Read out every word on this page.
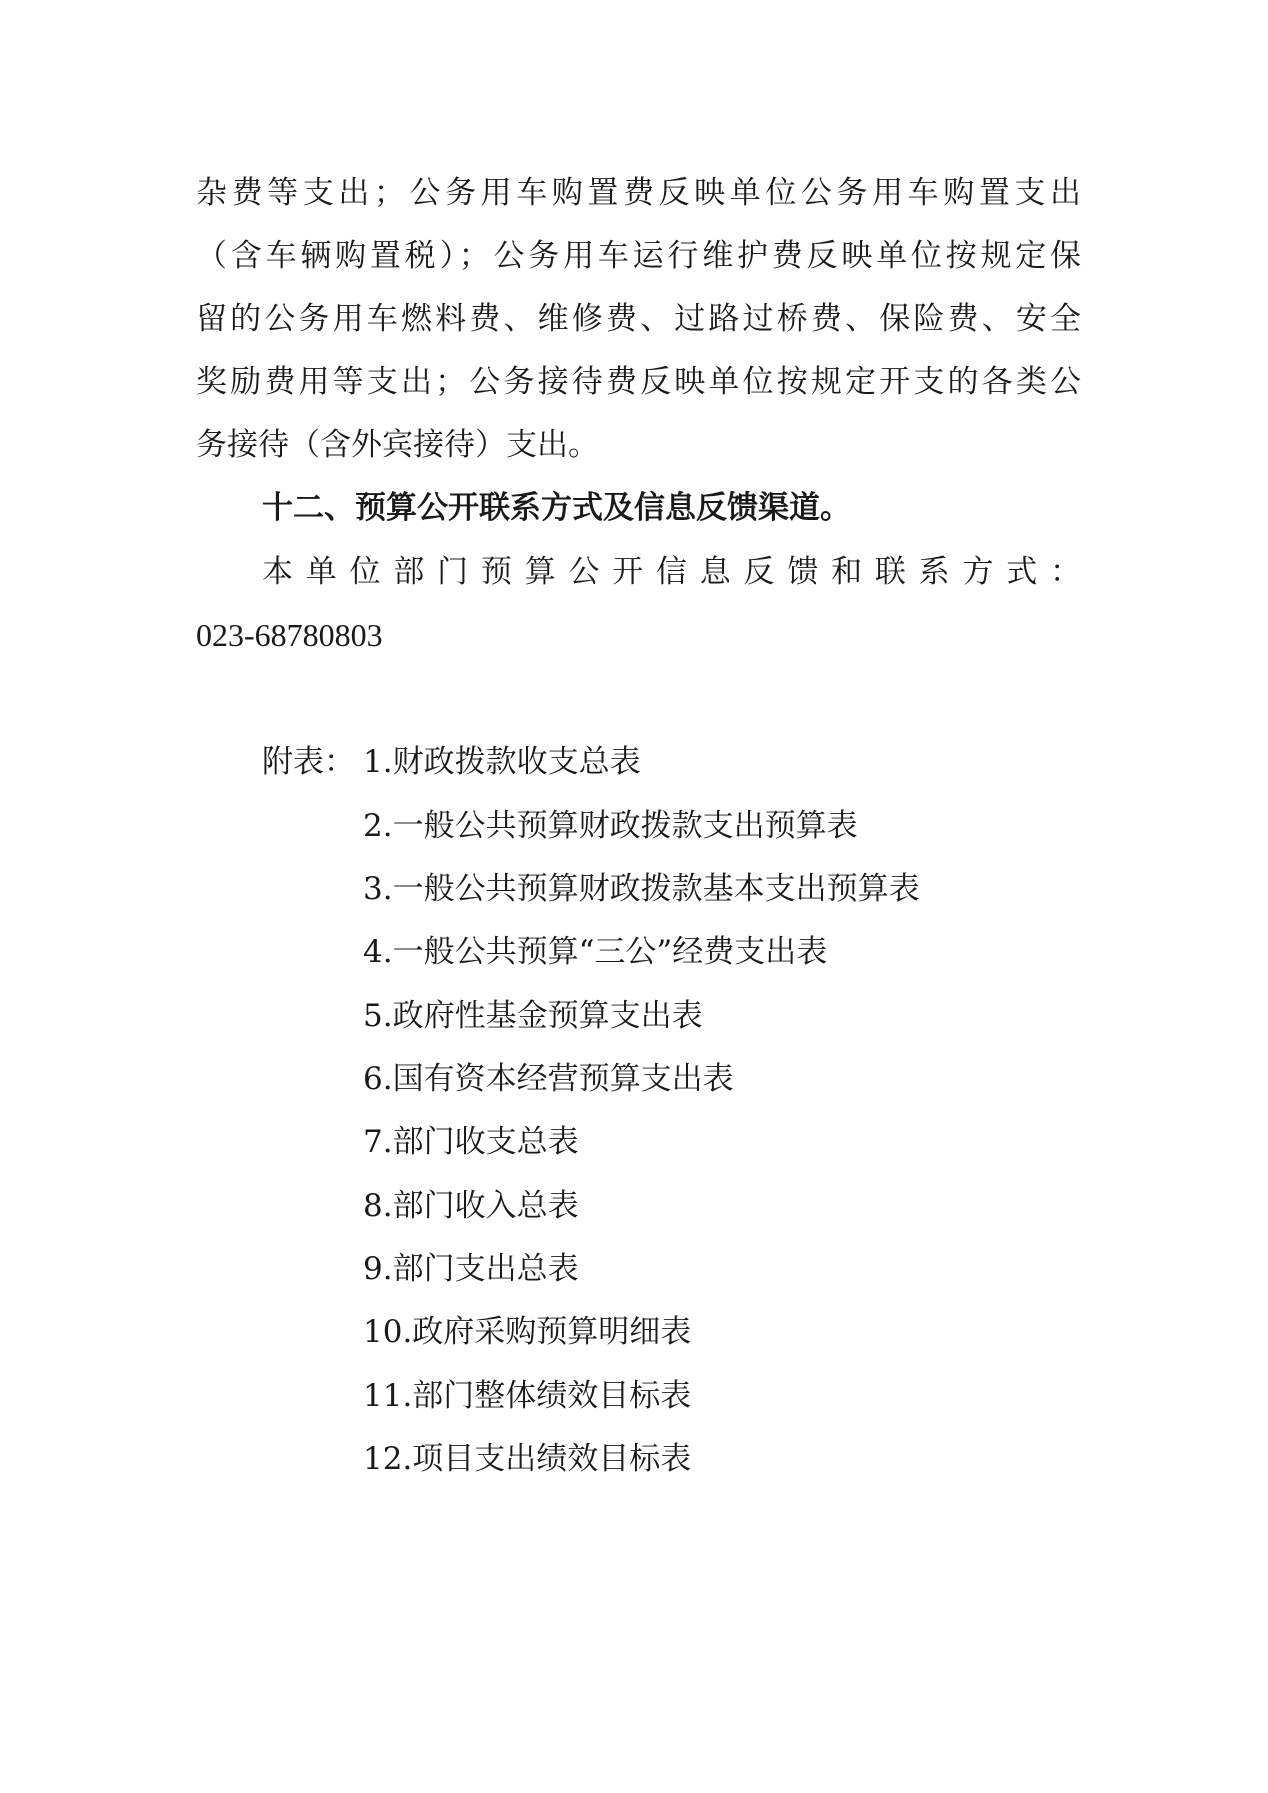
杂费等支出；公务用车购置费反映单位公务用车购置支出
（含车辆购置税）；公务用车运行维护费反映单位按规定保
留的公务用车燃料费、维修费、过路过桥费、保险费、安全
奖励费用等支出；公务接待费反映单位按规定开支的各类公
务接待（含外宾接待）支出。
十二、预算公开联系方式及信息反馈渠道。
本单位部门预算公开信息反馈和联系方式：
023-68780803
附表： 1.财政拨款收支总表
2.一般公共预算财政拨款支出预算表
3.一般公共预算财政拨款基本支出预算表
4.一般公共预算“三公”经费支出表
5.政府性基金预算支出表
6.国有资本经营预算支出表
7.部门收支总表
8.部门收入总表
9.部门支出总表
10.政府采购预算明细表
11.部门整体绩效目标表
12.项目支出绩效目标表
